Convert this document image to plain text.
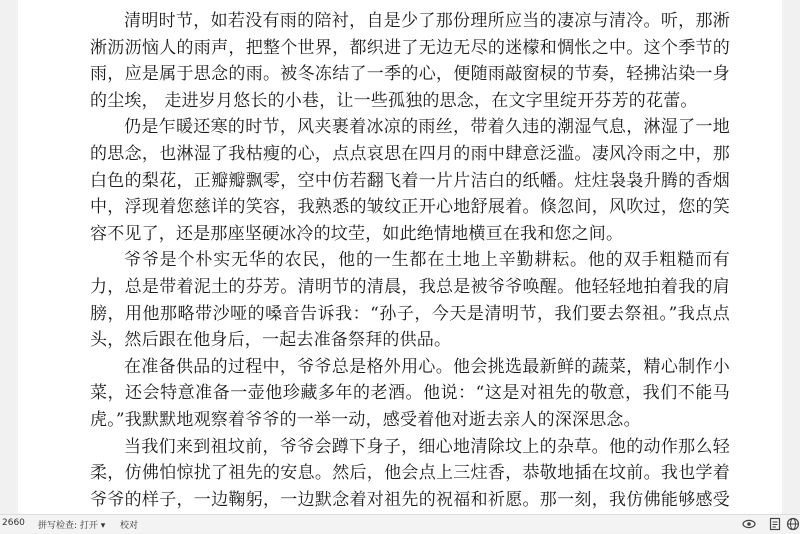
清明时节，如若没有雨的陪衬，自是少了那份理所应当的凄凉与清冷。听，那淅淅沥沥恼人的雨声，把整个世界，都织进了无边无尽的迷檬和惆怅之中。这个季节的雨，应是属于思念的雨。被冬冻结了一季的心，便随雨敲窗棂的节奏，轻拂沾染一身的尘埃， 走进岁月悠长的小巷，让一些孤独的思念，在文字里绽开芬芳的花蕾。

仍是乍暖还寒的时节，风夹裹着冰凉的雨丝，带着久违的潮湿气息，淋湿了一地的思念，也淋湿了我枯瘦的心，点点哀思在四月的雨中肆意泛滥。凄风冷雨之中，那白色的梨花，正瓣瓣飘零，空中仿若翻飞着一片片洁白的纸幡。炷炷袅袅升腾的香烟中，浮现着您慈详的笑容，我熟悉的皱纹正开心地舒展着。倏忽间，风吹过，您的笑容不见了，还是那座坚硬冰冷的坟茔，如此绝情地横亘在我和您之间。

爷爷是个朴实无华的农民，他的一生都在土地上辛勤耕耘。他的双手粗糙而有力，总是带着泥土的芬芳。清明节的清晨，我总是被爷爷唤醒。他轻轻地拍着我的肩膀，用他那略带沙哑的嗓音告诉我：“孙子，今天是清明节，我们要去祭祖。”我点点头，然后跟在他身后，一起去准备祭拜的供品。

在准备供品的过程中，爷爷总是格外用心。他会挑选最新鲜的蔬菜，精心制作小菜，还会特意准备一壶他珍藏多年的老酒。他说：“这是对祖先的敬意，我们不能马虎。”我默默地观察着爷爷的一举一动，感受着他对逝去亲人的深深思念。

当我们来到祖坟前，爷爷会蹲下身子，细心地清除坟上的杂草。他的动作那么轻柔，仿佛怕惊扰了祖先的安息。然后，他会点上三炷香，恭敬地插在坟前。我也学着爷爷的样子，一边鞠躬，一边默念着对祖先的祝福和祈愿。那一刻，我仿佛能够感受

2660 拼写检查: 打开 ▾ 校对
